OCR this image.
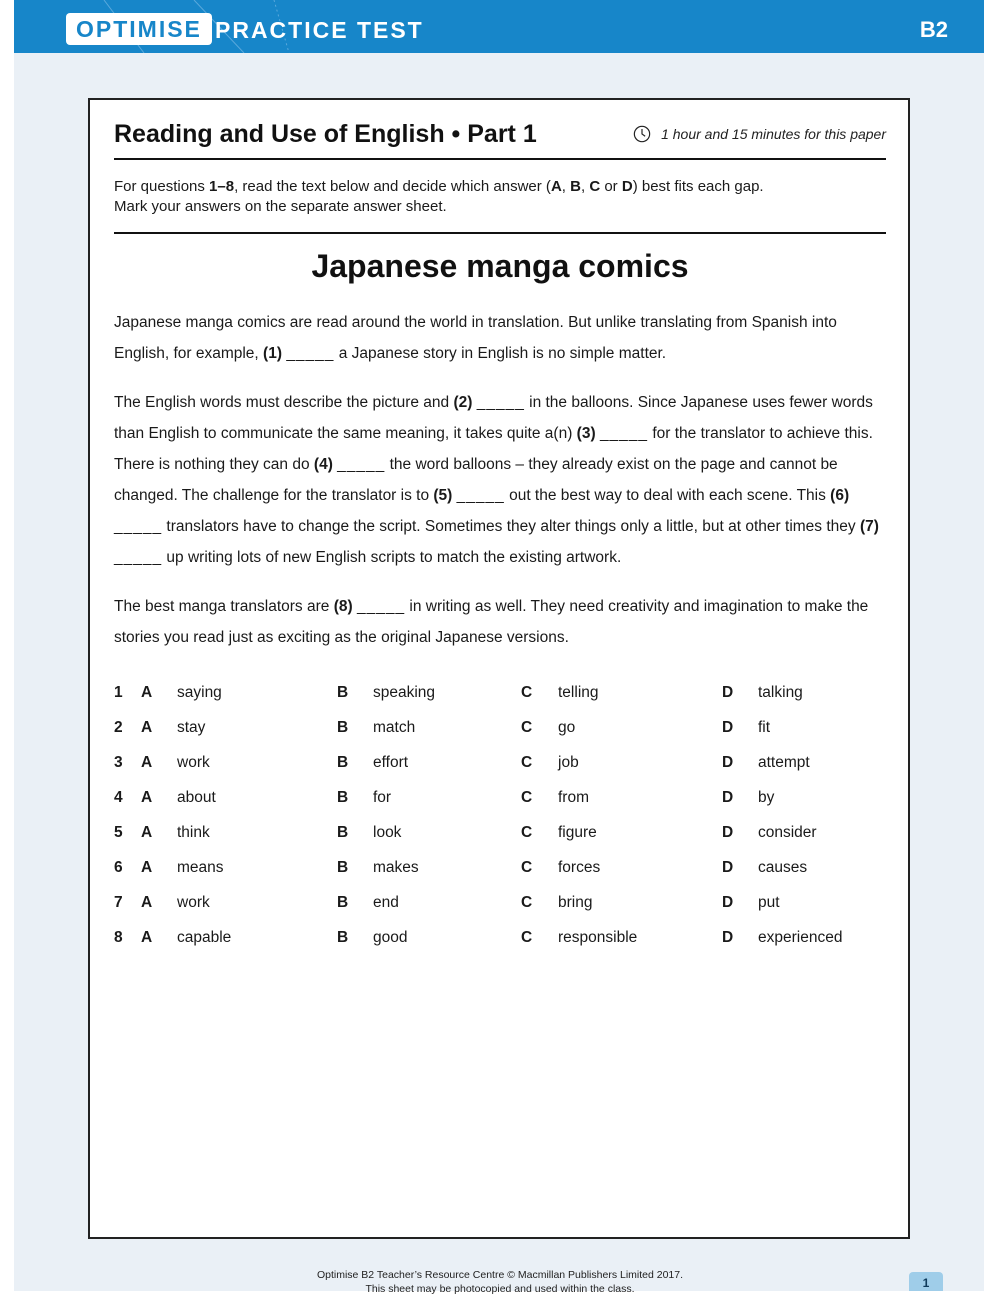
OPTIMISE PRACTICE TEST	B2
Reading and Use of English • Part 1	1 hour and 15 minutes for this paper
For questions 1–8, read the text below and decide which answer (A, B, C or D) best fits each gap.
Mark your answers on the separate answer sheet.
Japanese manga comics

Japanese manga comics are read around the world in translation. But unlike translating from Spanish into English, for example, (1) _____ a Japanese story in English is no simple matter.

The English words must describe the picture and (2) _____ in the balloons. Since Japanese uses fewer words than English to communicate the same meaning, it takes quite a(n) (3) _____ for the translator to achieve this. There is nothing they can do (4) _____ the word balloons – they already exist on the page and cannot be changed. The challenge for the translator is to (5) _____ out the best way to deal with each scene. This (6) _____ translators have to change the script. Sometimes they alter things only a little, but at other times they (7) _____ up writing lots of new English scripts to match the existing artwork.

The best manga translators are (8) _____ in writing as well. They need creativity and imagination to make the stories you read just as exciting as the original Japanese versions.

1 A saying	B speaking	C telling	D talking
2 A stay	B match	C go	D fit
3 A work	B effort	C job	D attempt
4 A about	B for	C from	D by
5 A think	B look	C figure	D consider
6 A means	B makes	C forces	D causes
7 A work	B end	C bring	D put
8 A capable	B good	C responsible	D experienced
Optimise B2 Teacher’s Resource Centre © Macmillan Publishers Limited 2017.
This sheet may be photocopied and used within the class.	1
